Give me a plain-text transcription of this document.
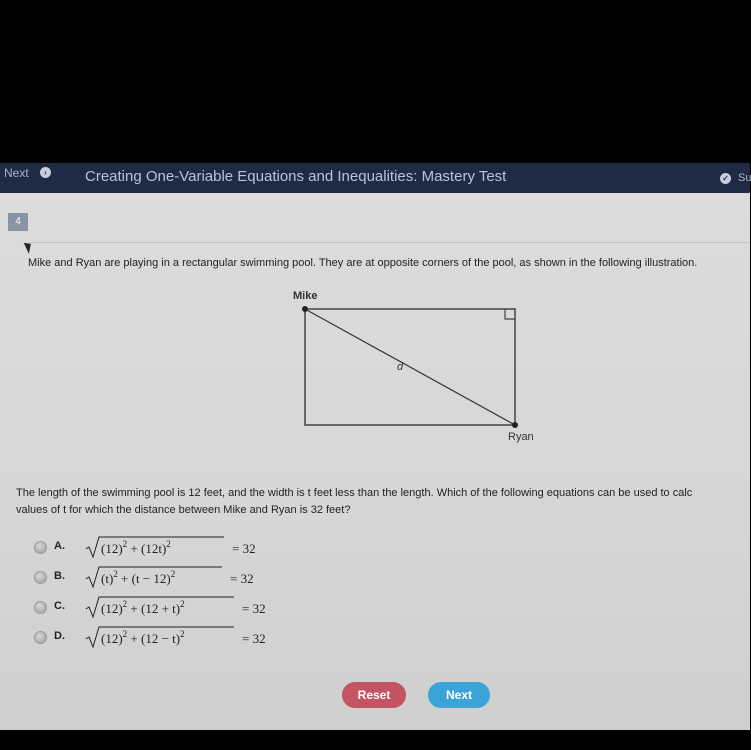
Next	›	Creating One-Variable Equations and Inequalities: Mastery Test	✓ Su
4
Mike and Ryan are playing in a rectangular swimming pool. They are at opposite corners of the pool, as shown in the following illustration.
Mike
Ryan
d
The length of the swimming pool is 12 feet, and the width is t feet less than the length. Which of the following equations can be used to calc
values of t for which the distance between Mike and Ryan is 32 feet?
A.	$(12)^2 + (12t)^2$	= 32
B.	$(t)^2 + (t - 12)^2$	= 32
C.	$(12)^2 + (12 + t)^2$	= 32
D.	$(12)^2 + (12 - t)^2$	= 32
Reset	Next
